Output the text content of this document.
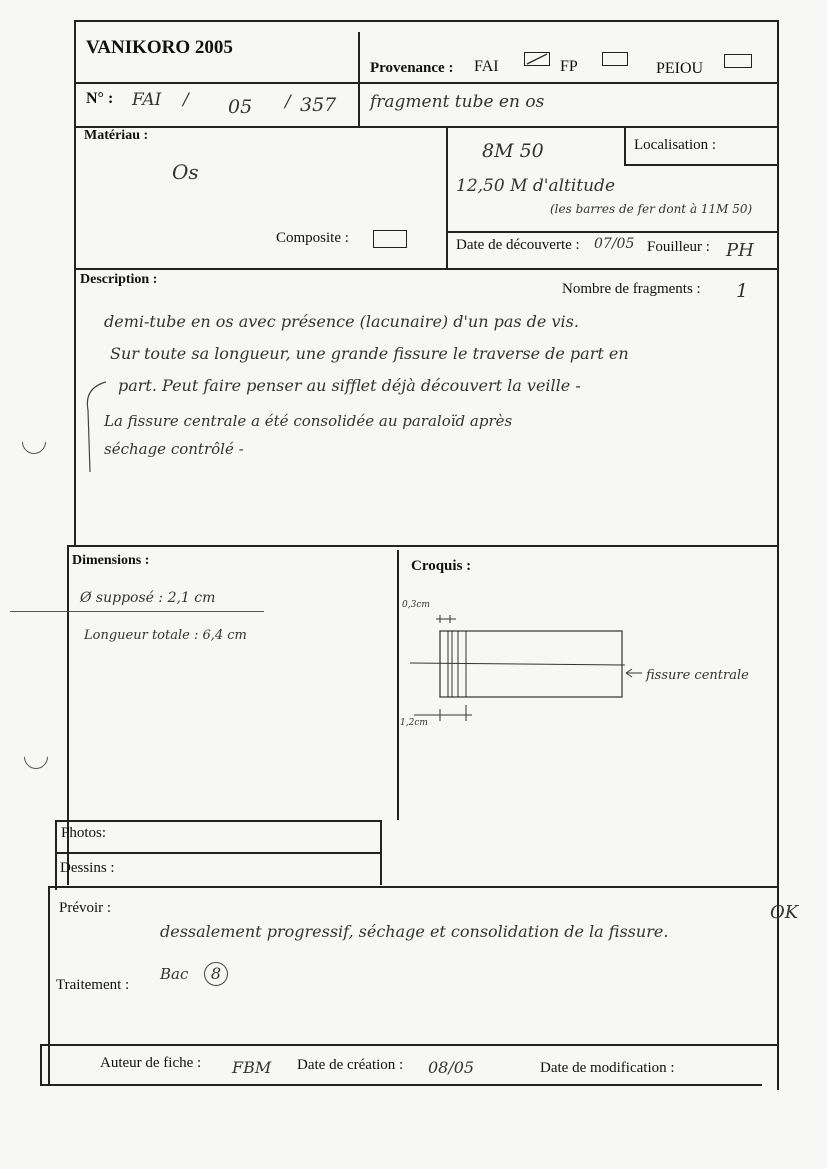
VANIKORO 2005
Provenance : FAI	FP	PEIOU
N° : FAI / 05 / 357 fragment tube en os
Matériau :
Os
Composite :
Localisation :
8M 50
12,50 M d'altitude
(les barres de fer dont à 11M 50)
Date de découverte : 07/05 Fouilleur : PH
Description :
Nombre de fragments : 1
demi-tube en os avec présence (lacunaire) d'un pas de vis.
Sur toute sa longueur, une grande fissure le traverse de part en
part. Peut faire penser au sifflet déjà découvert la veille -
La fissure centrale a été consolidée au paraloïd après
séchage contrôlé -
Dimensions :
Ø supposé : 2,1 cm
Longueur totale : 6,4 cm
Croquis :
0,3cm
1,2cm
fissure centrale
Photos:
Dessins :
Prévoir :
dessalement progressif, séchage et consolidation de la fissure.
OK
Traitement :
Bac	8
Auteur de fiche : FBM Date de création : 08/05	Date de modification :
